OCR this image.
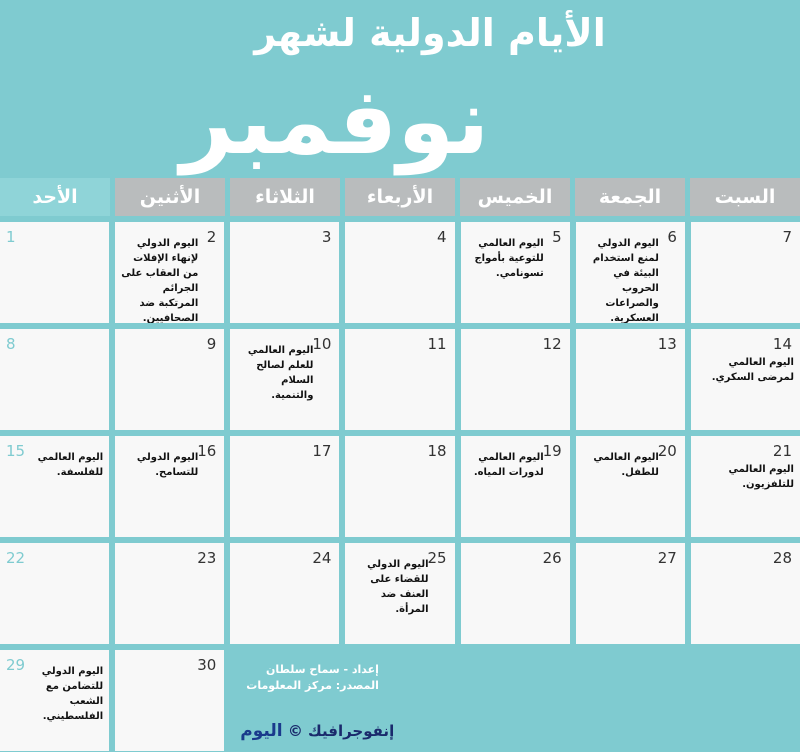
الأيام الدولية لشهر
نوفمبر
السبت
الجمعة
الخميس
الأربعاء
الثلاثاء
الأثنين
الأحد
7
6
اليوم الدولي لمنع استخدام البيئة في الحروب والصراعات العسكرية.
5
اليوم العالمي للتوعية بأمواج تسونامي.
4
3
2
اليوم الدولي لإنهاء الإفلات من العقاب على الجرائم المرتكبة ضد الصحافيين.
1
14
اليوم العالمي لمرضى السكري.
13
12
11
10
اليوم العالمي للعلم لصالح السلام والتنمية.
9
8
21
اليوم العالمي للتلفزيون.
20
اليوم العالمي للطفل.
19
اليوم العالمي لدورات المياه.
18
17
16
اليوم الدولي للتسامح.
15	اليوم العالمي للفلسفة.
28
27
26
25
اليوم الدولي للقضاء على العنف ضد المرأة.
24
23
22
إعداد - سماح سلطان
المصدر: مركز المعلومات
إنفوجرافيك © اليوم
30
29	اليوم الدولي للتضامن مع الشعب الفلسطيني.
